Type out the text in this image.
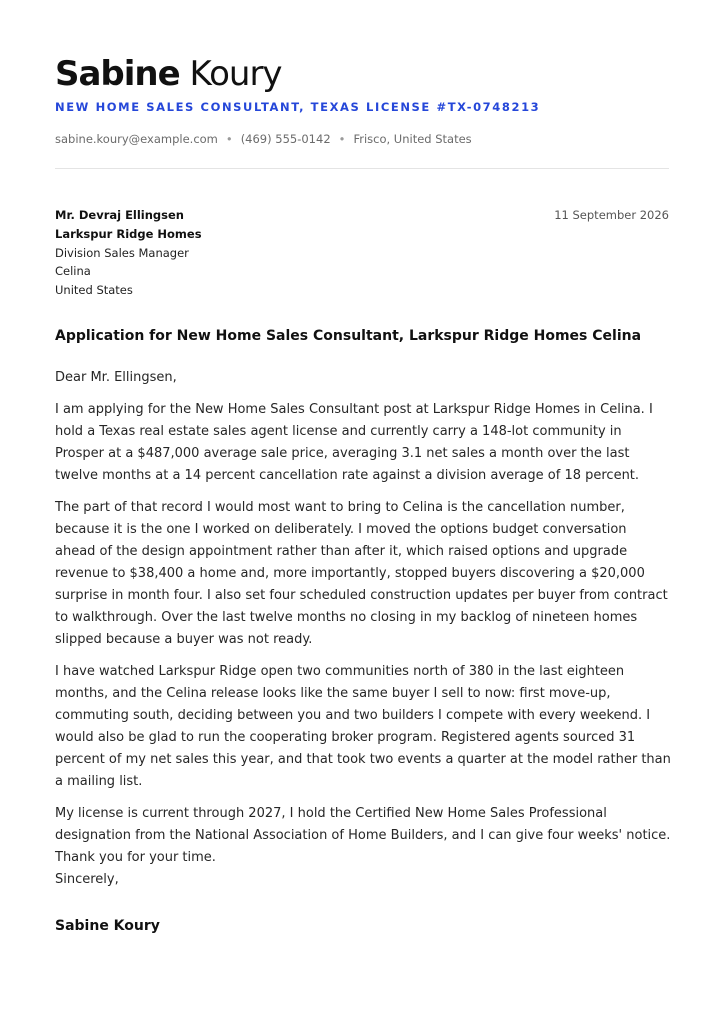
Sabine Koury
NEW HOME SALES CONSULTANT, TEXAS LICENSE #TX-0748213
sabine.koury@example.com • (469) 555-0142 • Frisco, United States
Mr. Devraj Ellingsen
Larkspur Ridge Homes
Division Sales Manager
Celina
United States
11 September 2026
Application for New Home Sales Consultant, Larkspur Ridge Homes Celina

Dear Mr. Ellingsen,

I am applying for the New Home Sales Consultant post at Larkspur Ridge Homes in Celina. I hold a Texas real estate sales agent license and currently carry a 148-lot community in Prosper at a $487,000 average sale price, averaging 3.1 net sales a month over the last twelve months at a 14 percent cancellation rate against a division average of 18 percent.

The part of that record I would most want to bring to Celina is the cancellation number, because it is the one I worked on deliberately. I moved the options budget conversation ahead of the design appointment rather than after it, which raised options and upgrade revenue to $38,400 a home and, more importantly, stopped buyers discovering a $20,000 surprise in month four. I also set four scheduled construction updates per buyer from contract to walkthrough. Over the last twelve months no closing in my backlog of nineteen homes slipped because a buyer was not ready.

I have watched Larkspur Ridge open two communities north of 380 in the last eighteen months, and the Celina release looks like the same buyer I sell to now: first move-up, commuting south, deciding between you and two builders I compete with every weekend. I would also be glad to run the cooperating broker program. Registered agents sourced 31 percent of my net sales this year, and that took two events a quarter at the model rather than a mailing list.

My license is current through 2027, I hold the Certified New Home Sales Professional designation from the National Association of Home Builders, and I can give four weeks' notice. Thank you for your time.

Sincerely,
Sabine Koury
